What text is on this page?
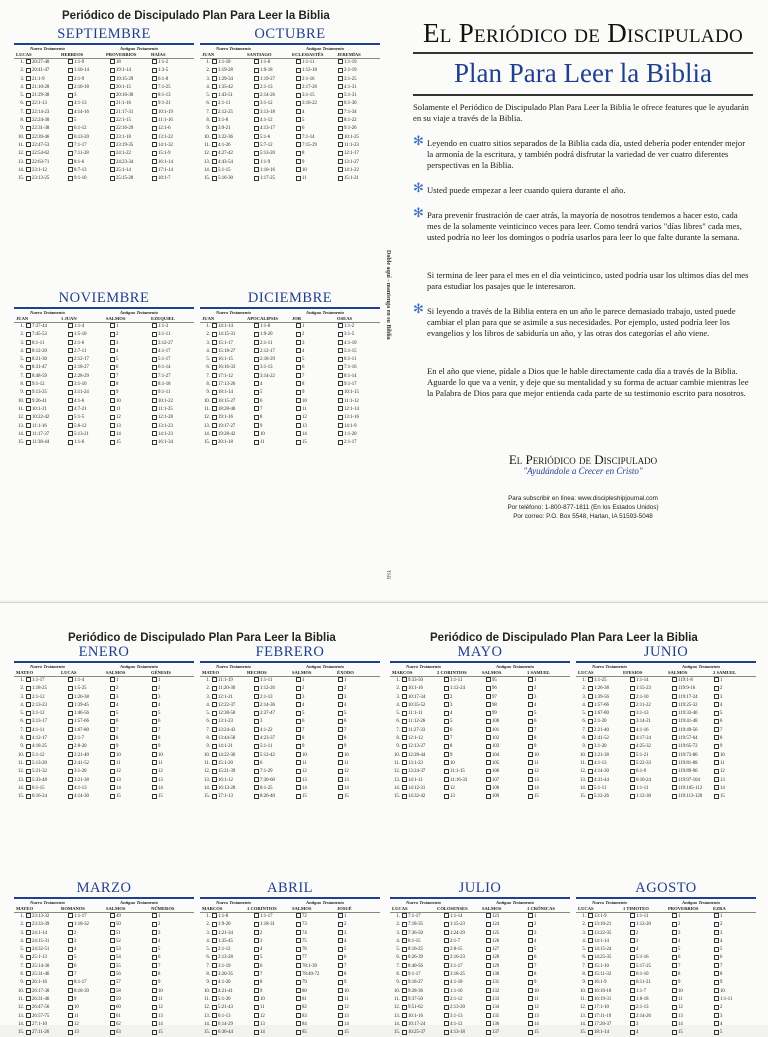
Periódico de Discipulado Plan Para Leer la Biblia
Periódico de Discipulado Plan Para Leer la Biblia	Periódico de Discipulado Plan Para Leer la Biblia
SEPTIEMBRE
Nuevo Testamento	Antiguo Testamento
LUCAS	HEBREOS	PROVERBIOS	HAÍAS
1.	20:27-40	1:1-9	18	1:1-2
2.	20:41-47	1:10-14	19:1-14	1:3-5
3.	21:1-9	2:1-9	19:15-29	6:1-8
4.	21:10-28	2:10-18	20:1-15	7:1-25
5.	21:29-38	3	20:16-30	8:1-13
6.	22:1-13	4:1-13	21:1-16	9:1-21
7.	22:14-23	4:14-16	21:17-31	10:1-19
8.	22:24-30	5	22:1-15	11:1-16
9.	22:31-38	6:1-12	22:16-29	12:1-6
10.	22:39-46	6:13-20	23:1-18	13:1-22
11.	22:47-53	7:1-17	23:19-35	14:1-32
12.	22:54-62	7:11-28	24:1-22	15:1-9
13.	22:63-71	8:1-6	24:23-34	16:1-14
14.	23:1-12	8:7-13	25:1-14	17:1-14
15.	23:13-25	9:1-10	25:15-28	18:1-7
OCTUBRE
Nuevo Testamento	Antiguo Testamento
JUAN	SANTIAGO	ECLESIASTÉS	JEREMÍAS
1.	1:1-18	1:1-8	1:1-11	1:1-19
2.	1:19-28	1:9-18	1:12-18	2:1-19
3.	1:29-34	1:19-27	2:1-16	3:1-25
4.	1:35-42	2:1-13	2:17-26	4:1-31
5.	1:43-51	2:14-26	3:1-15	5:1-31
6.	2:1-11	3:1-12	3:16-22	6:1-30
7.	2:12-25	3:13-18	4	7:1-34
8.	3:1-8	4:1-12	5	8:1-22
9.	3:9-21	4:13-17	6	9:1-26
10.	3:22-36	5:1-6	7:1-14	10:1-25
11.	4:1-26	5:7-12	7:15-29	11:1-23
12.	4:27-42	5:13-20	8	12:1-17
13.	4:43-54	1:1-9	9	13:1-27
14.	5:1-15	1:10-16	10	14:1-22
15.	5:16-30	1:17-25	11	15:1-21
NOVIEMBRE
Nuevo Testamento	Antiguo Testamento
JUAN	1 JUAN	SALMOS	EZEQUIEL
1.	7:37-44	1:1-4	1	1:1-3
2.	7:45-53	1:5-10	2	3:1-11
3.	8:1-11	2:1-6	3	3:12-27
4.	8:12-20	2:7-11	4	4:1-17
5.	8:21-30	2:12-17	5	5:1-17
6.	8:31-47	2:18-27	6	6:1-14
7.	8:48-59	2:28-29	7	7:1-27
8.	9:1-12	3:1-10	8	8:1-18
9.	9:13-25	3:11-24	9	9:1-11
10.	9:26-41	4:1-6	10	10:1-22
11.	10:1-21	4:7-21	11	11:1-25
12.	10:22-42	5:1-5	12	12:1-28
13.	11:1-16	5:6-12	13	13:1-23
14.	11:17-37	5:13-21	14	14:1-23
15.	11:38-44	1:1-6	15	16:1-34
DICIEMBRE
Nuevo Testamento	Antiguo Testamento
JUAN	APOCALIPSIS	JOB	OSEAS
1.	14:1-14	1:1-8	1	1:1-2
2.	14:15-31	1:9-20	2	3:1-5
3.	15:1-17	2:1-11	3	4:1-19
4.	15:18-27	2:12-17	4	5:1-15
5.	16:1-15	2:18-29	5	6:1-11
6.	16:16-33	3:1-13	6	7:1-16
7.	17:1-12	3:14-22	7	8:1-14
8.	17:13-26	4	8	9:1-17
9.	18:1-14	5	9	10:1-15
10.	18:15-27	6	10	11:1-12
11.	18:28-40	7	11	12:1-14
12.	19:1-16	8	12	13:1-16
13.	19:17-27	9	13	14:1-9
14.	19:28-42	10	14	1:1-20
15.	20:1-18	11	15	2:1-17
ENERO
Nuevo Testamento	Antiguo Testamento
MATEO	LUCAS	SALMOS	GÉNESIS
1.	1:1-17	1:1-4	1	1
2.	1:18-25	1:5-25	2	2
3.	2:1-12	1:26-38	3	3
4.	2:13-23	1:39-45	4	4
5.	3:1-12	1:46-56	5	5
6.	3:13-17	1:57-66	6	6
7.	4:1-11	1:67-80	7	7
8.	4:12-17	2:1-7	8	8
9.	4:18-25	2:8-20	9	9
10.	5:1-12	2:21-40	10	10
11.	5:13-20	2:41-52	11	11
12.	5:21-32	3:1-20	12	12
13.	5:33-48	3:21-38	13	13
14.	6:1-15	4:1-13	14	14
15.	6:16-24	4:14-30	15	15
FEBRERO
Nuevo Testamento	Antiguo Testamento
MATEO	HECHOS	SALMOS	ÉXODO
1.	11:1-19	1:1-11	1	1
2.	11:20-30	1:12-26	2	2
3.	12:1-21	2:1-13	3	3
4.	12:22-37	2:14-36	4	4
5.	12:38-50	2:37-47	5	5
6.	13:1-23	3	6	6
7.	13:24-43	4:1-22	7	7
8.	13:44-58	4:23-37	8	8
9.	14:1-21	5:1-11	9	9
10.	14:22-36	5:12-42	10	10
11.	15:1-20	6	11	11
12.	15:21-39	7:1-29	12	12
13.	16:1-12	7:30-60	13	13
14.	16:13-28	8:1-25	14	14
15.	17:1-13	8:26-40	15	15
MAYO
Nuevo Testamento	Antiguo Testamento
MARCOS	2 CORINTIOS	SALMOS	1 SAMUEL
1.	9:33-50	1:1-11	95	1
2.	10:1-16	1:12-24	96	2
3.	10:17-34	2	97	3
4.	10:35-52	3	98	4
5.	11:1-11	4	99	5
6.	11:12-26	5	100	6
7.	11:27-33	6	101	7
8.	12:1-12	7	102	8
9.	12:13-27	8	103	9
10.	12:28-44	9	104	10
11.	13:1-23	10	105	11
12.	13:24-37	11:1-15	106	12
13.	14:1-11	11:16-33	107	13
14.	14:12-31	12	108	14
15.	14:32-42	13	109	15
JUNIO
Nuevo Testamento	Antiguo Testamento
LUCAS	EFESIOS	SALMOS	2 SAMUEL
1.	1:1-25	1:1-14	119:1-8	1
2.	1:26-38	1:15-23	119:9-16	2
3.	1:39-56	2:1-10	119:17-24	3
4.	1:57-66	2:11-22	119:25-32	4
5.	1:67-80	3:1-13	119:33-40	5
6.	2:1-20	3:14-21	119:41-48	6
7.	2:21-40	4:1-16	119:49-56	7
8.	2:41-52	4:17-24	119:57-64	8
9.	3:1-20	4:25-32	119:65-72	9
10.	3:21-38	5:1-21	119:73-80	10
11.	4:1-13	5:22-33	119:81-88	11
12.	4:14-30	6:1-9	119:89-96	12
13.	4:31-44	6:10-24	119:97-104	13
14.	5:1-11	1:1-11	119:105-112	14
15.	5:12-26	1:12-30	119:113-120	15
MARZO
Nuevo Testamento	Antiguo Testamento
MATEO	ROMANOS	SALMOS	NÚMEROS
1.	23:13-32	1:1-17	49	1
2.	23:33-39	1:18-32	50	2
3.	24:1-14	2	51	3
4.	24:15-31	3	52	4
5.	24:32-51	4	53	5
6.	25:1-13	5	54	6
7.	25:14-30	6	55	7
8.	25:31-46	7	56	8
9.	26:1-16	8:1-17	57	9
10.	26:17-30	8:18-39	58	10
11.	26:31-46	9	59	11
12.	26:47-56	10	60	12
13.	26:57-75	11	61	13
14.	27:1-10	12	62	14
15.	27:11-26	13	63	15
ABRIL
Nuevo Testamento	Antiguo Testamento
MARCOS	1 CORINTIOS	SALMOS	JOSUÉ
1.	1:1-8	1:1-17	72	1
2.	1:9-20	1:18-31	73	2
3.	1:21-34	2	74	3
4.	1:35-45	3	75	4
5.	2:1-12	4	76	5
6.	2:13-28	5	77	6
7.	3:1-19	6	78:1-39	7
8.	3:20-35	7	78:40-72	8
9.	4:1-20	8	79	9
10.	4:21-41	9	80	10
11.	5:1-20	10	81	11
12.	5:21-43	11	82	12
13.	6:1-13	12	83	13
14.	6:14-29	13	84	14
15.	6:30-44	14	85	15
JULIO
Nuevo Testamento	Antiguo Testamento
LUCAS	COLOSENSES	SALMOS	1 CRÓNICAS
1.	7:1-17	1:1-14	123	1
2.	7:18-35	1:15-23	124	2
3.	7:36-50	1:24-29	125	3
4.	8:1-15	2:1-7	126	4
5.	8:16-25	2:8-15	127	5
6.	8:26-39	2:16-23	128	6
7.	8:40-56	3:1-17	129	7
8.	9:1-17	3:18-25	130	8
9.	9:18-27	4:1-18	131	9
10.	9:28-36	1:1-10	132	10
11.	9:37-50	2:1-12	133	11
12.	9:51-62	2:13-20	134	12
13.	10:1-16	3:1-13	135	13
14.	10:17-24	4:1-12	136	14
15.	10:25-37	4:13-18	137	15
AGOSTO
Nuevo Testamento	Antiguo Testamento
LUCAS	1 TIMOTEO	PROVERBIOS	EZRA
1.	13:1-9	1:1-11	1	1
2.	13:10-21	1:12-20	2	2
3.	13:22-35	2	3	3
4.	14:1-14	3	4	4
5.	14:15-24	4	5	5
6.	14:25-35	5:1-16	6	6
7.	15:1-10	5:17-25	7	7
8.	15:11-32	6:1-10	8	8
9.	16:1-9	6:11-21	9	9
10.	16:10-18	1:1-7	10	10
11.	16:19-31	1:8-18	11	1:1-11
12.	17:1-10	2:1-13	12	2
13.	17:11-19	2:14-26	13	3
14.	17:20-37	3	14	4
15.	18:1-14	4	15	5
Doble aquí - mantenga en su Biblia
TSB
El Periódico de Discipulado
Plan Para Leer la Biblia
Solamente el Periódico de Discipulado Plan Para Leer la Biblia le ofrece features que le ayudarán en su viaje a través de la Biblia.
✻ Leyendo en cuatro sitios separados de la Biblia cada día, usted debería poder entender mejor la armonía de la escritura, y también podrá disfrutar la variedad de ver cuatro diferentes perspectivas en la Biblia.
✻ Usted puede empezar a leer cuando quiera durante el año.
✻ Para prevenir frustración de caer atrás, la mayoría de nosotros tendemos a hacer esto, cada mes de la solamente veinticinco veces para leer. Como tendrá varios "días libres" cada mes, usted podría no leer los domingos o podría usarlos para leer lo que falte durante la semana.
Si termina de leer para el mes en el día veinticinco, usted podría usar los ultimos días del mes para estudiar los pasajes que le interesaron.
✻ Si leyendo a través de la Biblia entera en un año le parece demasiado trabajo, usted puede cambiar el plan para que se asimile a sus necesidades. Por ejemplo, usted podría leer los evangelios y los libros de sabiduría un año, y las otras dos categorías el año viene.
En el año que viene, pídale a Dios que le hable directamente cada día a través de la Biblia. Aguarde lo que va a venir, y deje que su mentalidad y su forma de actuar cambie mientras lee la Palabra de Dios para que mejor entienda cada parte de su testimonio escrito para nosotros.
El Periódico de Discipulado
"Ayudándole a Crecer en Cristo"
Para subscribir en línea: www.discipleshipjournal.com
Por teléfono: 1-800-877-1811 (En los Estados Unidos)
Por correo: P.O. Box 5548, Harlan, IA 51593-5048
